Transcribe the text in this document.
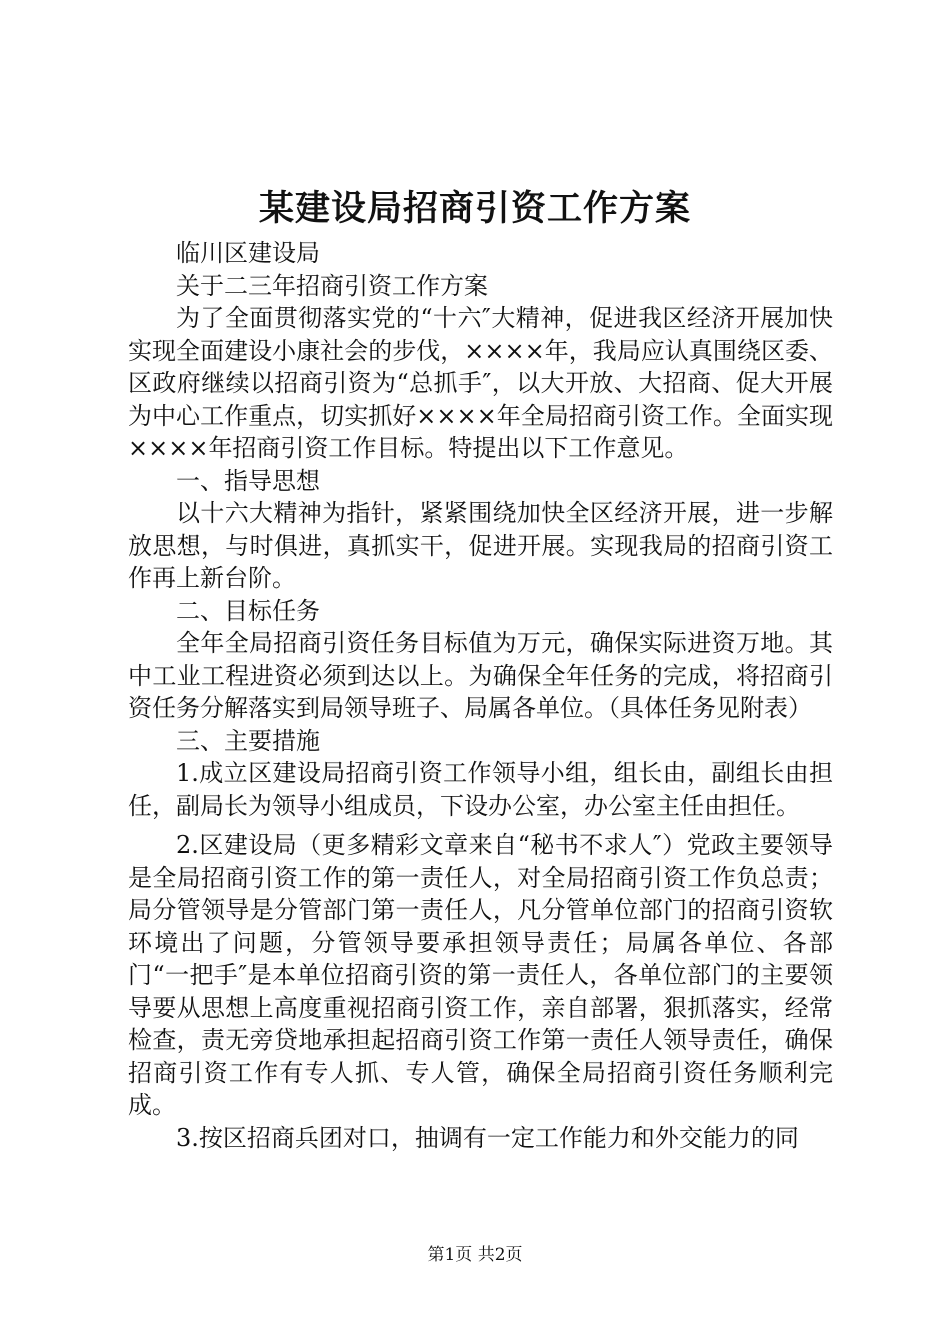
某建设局招商引资工作方案

临川区建设局

关于二三年招商引资工作方案

为了全面贯彻落实党的“十六″大精神，促进我区经济开展加快实现全面建设小康社会的步伐，××××年，我局应认真围绕区委、区政府继续以招商引资为“总抓手″，以大开放、大招商、促大开展为中心工作重点，切实抓好××××年全局招商引资工作。全面实现××××年招商引资工作目标。特提出以下工作意见。

一、指导思想

以十六大精神为指针，紧紧围绕加快全区经济开展，进一步解放思想，与时俱进，真抓实干，促进开展。实现我局的招商引资工作再上新台阶。

二、目标任务

全年全局招商引资任务目标值为万元，确保实际进资万地。其中工业工程进资必须到达以上。为确保全年任务的完成，将招商引资任务分解落实到局领导班子、局属各单位。（具体任务见附表）

三、主要措施

1.成立区建设局招商引资工作领导小组，组长由，副组长由担任，副局长为领导小组成员，下设办公室，办公室主任由担任。

2.区建设局（更多精彩文章来自“秘书不求人″）党政主要领导是全局招商引资工作的第一责任人，对全局招商引资工作负总责；局分管领导是分管部门第一责任人，凡分管单位部门的招商引资软环境出了问题，分管领导要承担领导责任；局属各单位、各部门“一把手″是本单位招商引资的第一责任人，各单位部门的主要领导要从思想上高度重视招商引资工作，亲自部署，狠抓落实，经常检查，责无旁贷地承担起招商引资工作第一责任人领导责任，确保招商引资工作有专人抓、专人管，确保全局招商引资任务顺利完成。

3.按区招商兵团对口，抽调有一定工作能力和外交能力的同

第1页 共2页
